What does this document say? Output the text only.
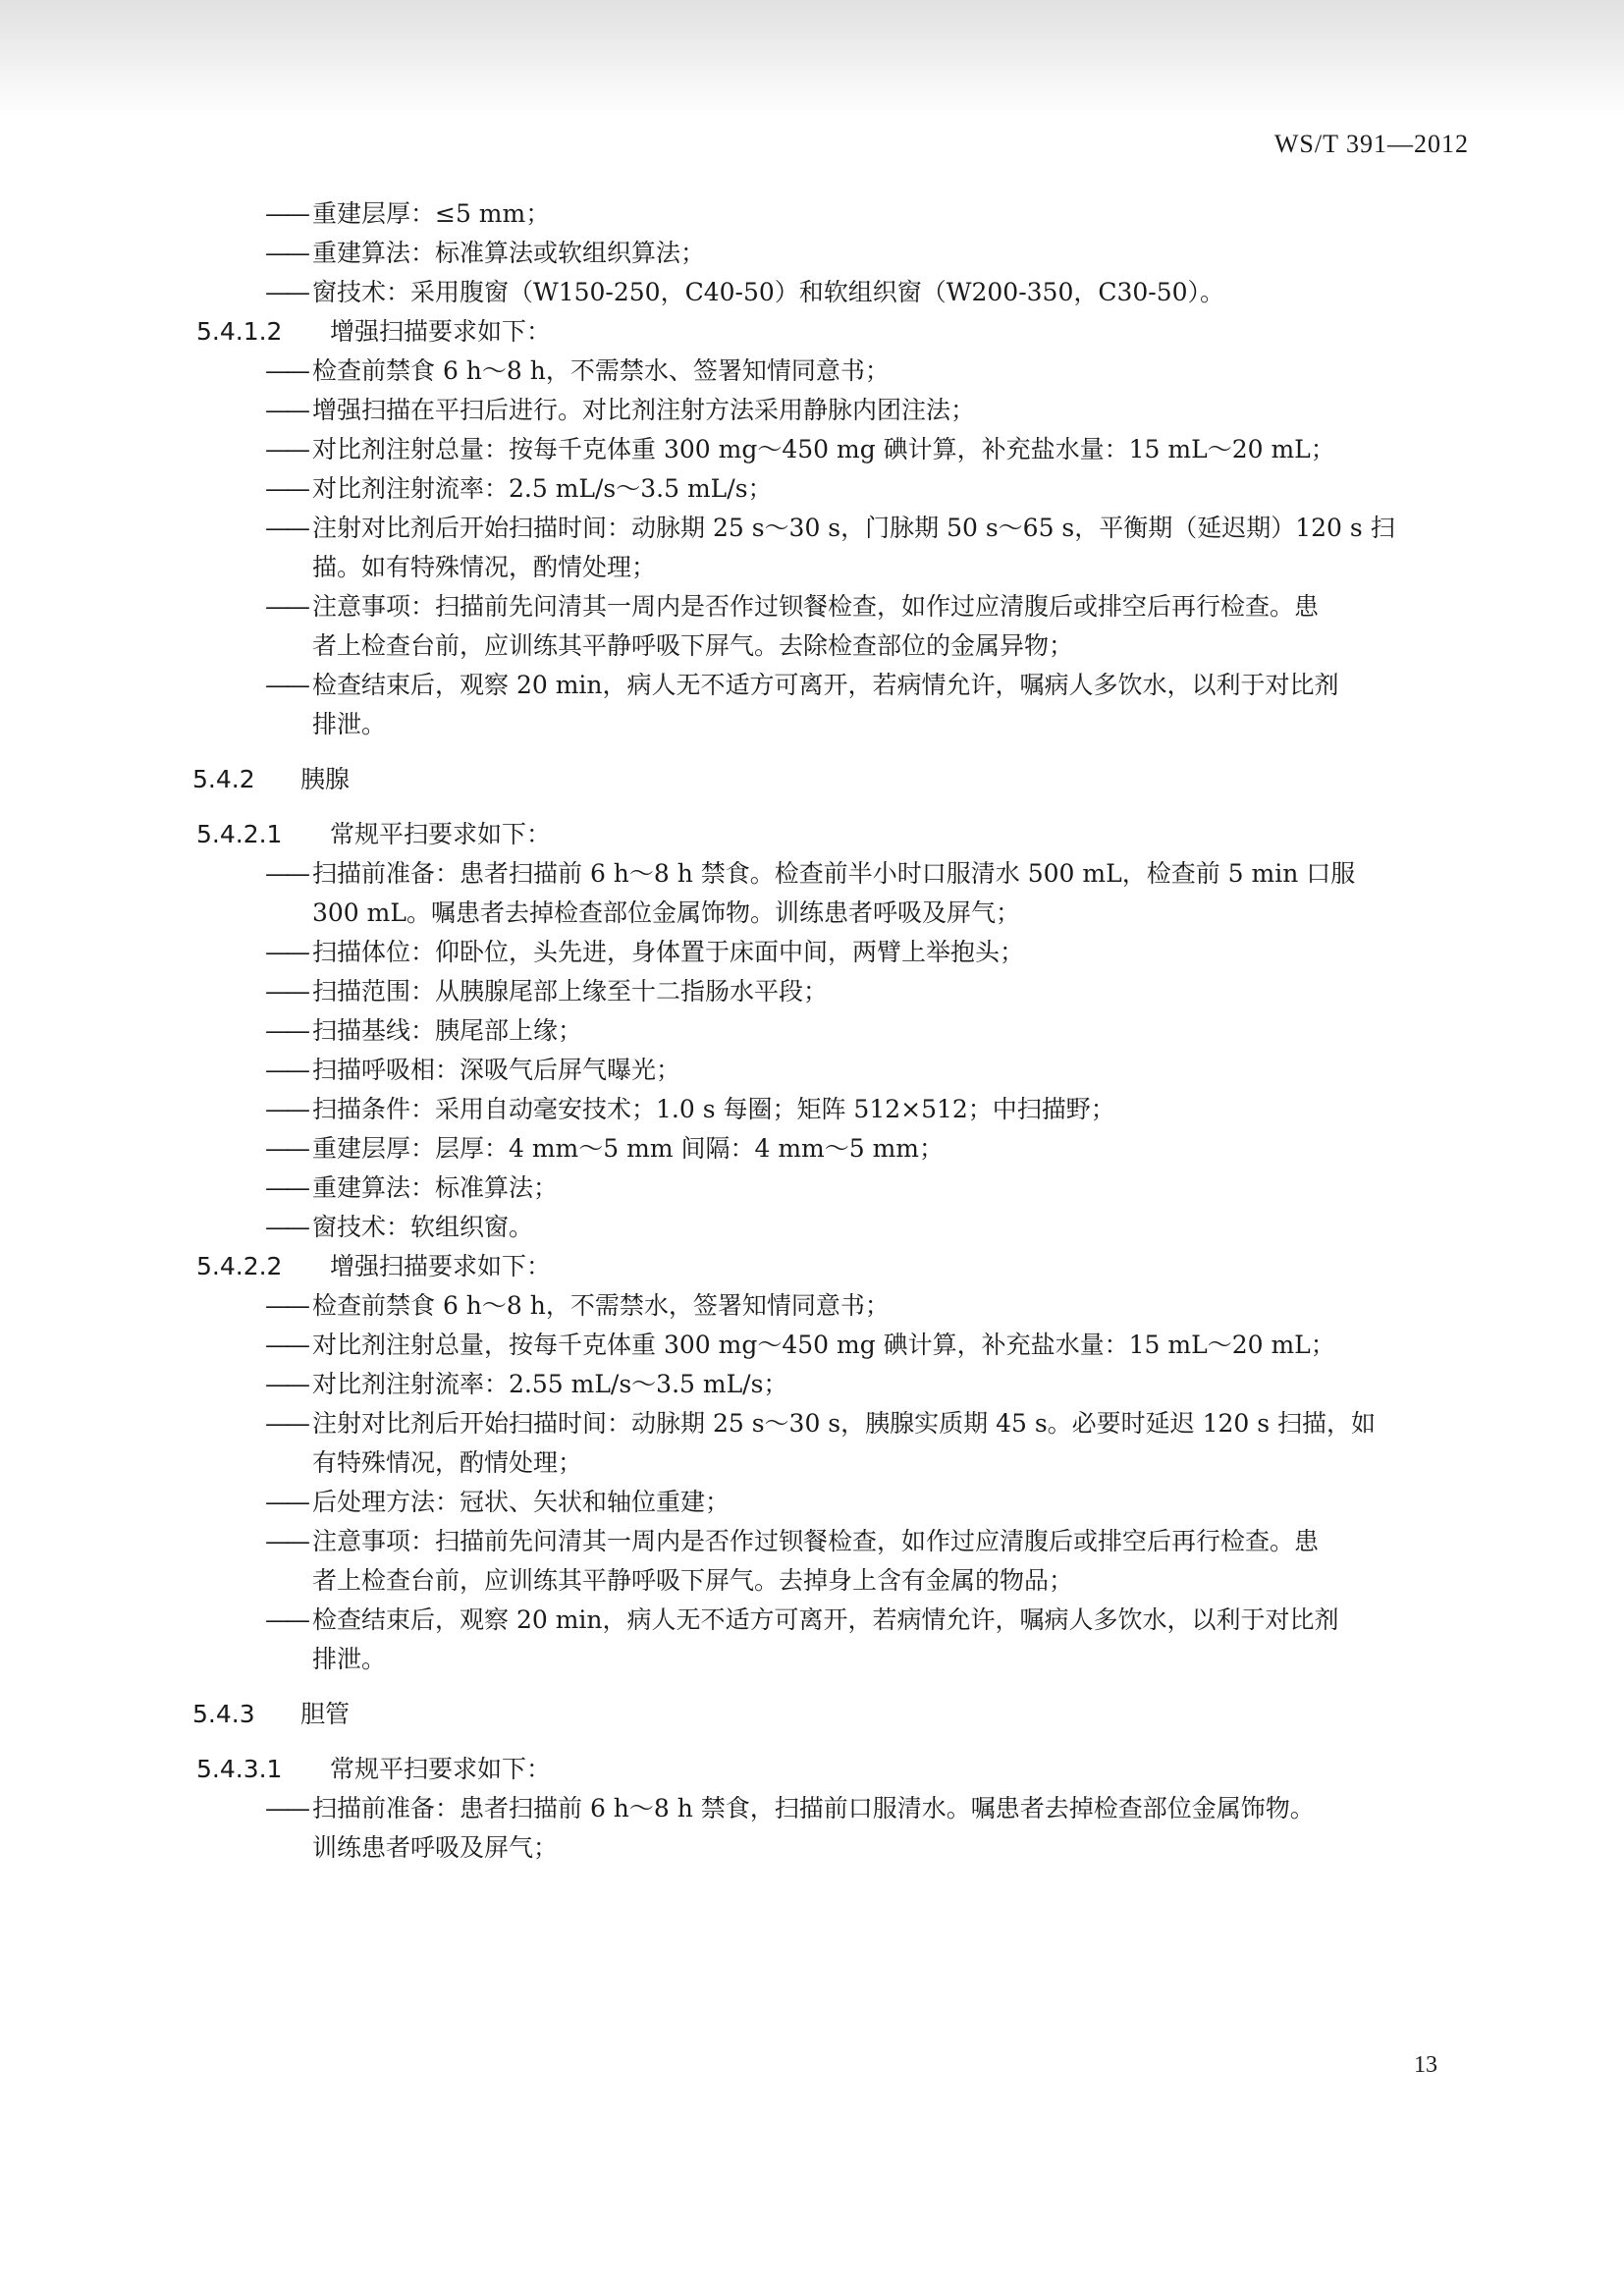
WS/T 391—2012
—— 重建层厚：≤5 mm；
—— 重建算法：标准算法或软组织算法；
—— 窗技术：采用腹窗（W150-250，C40-50）和软组织窗（W200-350，C30-50）。
5.4.1.2 增强扫描要求如下：
—— 检查前禁食 6 h～8 h，不需禁水、签署知情同意书；
—— 增强扫描在平扫后进行。对比剂注射方法采用静脉内团注法；
—— 对比剂注射总量：按每千克体重 300 mg～450 mg 碘计算，补充盐水量：15 mL～20 mL；
—— 对比剂注射流率：2.5 mL/s～3.5 mL/s；
—— 注射对比剂后开始扫描时间：动脉期 25 s～30 s，门脉期 50 s～65 s，平衡期（延迟期）120 s 扫
描。如有特殊情况，酌情处理；
—— 注意事项：扫描前先问清其一周内是否作过钡餐检查，如作过应清腹后或排空后再行检查。患
者上检查台前，应训练其平静呼吸下屏气。去除检查部位的金属异物；
—— 检查结束后，观察 20 min，病人无不适方可离开，若病情允许，嘱病人多饮水，以利于对比剂
排泄。
5.4.2 胰腺
5.4.2.1 常规平扫要求如下：
—— 扫描前准备：患者扫描前 6 h～8 h 禁食。检查前半小时口服清水 500 mL，检查前 5 min 口服
300 mL。嘱患者去掉检查部位金属饰物。训练患者呼吸及屏气；
—— 扫描体位：仰卧位，头先进，身体置于床面中间，两臂上举抱头；
—— 扫描范围：从胰腺尾部上缘至十二指肠水平段；
—— 扫描基线：胰尾部上缘；
—— 扫描呼吸相：深吸气后屏气曝光；
—— 扫描条件：采用自动毫安技术；1.0 s 每圈；矩阵 512×512；中扫描野；
—— 重建层厚：层厚：4 mm～5 mm 间隔：4 mm～5 mm；
—— 重建算法：标准算法；
—— 窗技术：软组织窗。
5.4.2.2 增强扫描要求如下：
—— 检查前禁食 6 h～8 h，不需禁水，签署知情同意书；
—— 对比剂注射总量，按每千克体重 300 mg～450 mg 碘计算，补充盐水量：15 mL～20 mL；
—— 对比剂注射流率：2.55 mL/s～3.5 mL/s；
—— 注射对比剂后开始扫描时间：动脉期 25 s～30 s，胰腺实质期 45 s。必要时延迟 120 s 扫描，如
有特殊情况，酌情处理；
—— 后处理方法：冠状、矢状和轴位重建；
—— 注意事项：扫描前先问清其一周内是否作过钡餐检查，如作过应清腹后或排空后再行检查。患
者上检查台前，应训练其平静呼吸下屏气。去掉身上含有金属的物品；
—— 检查结束后，观察 20 min，病人无不适方可离开，若病情允许，嘱病人多饮水，以利于对比剂
排泄。
5.4.3 胆管
5.4.3.1 常规平扫要求如下：
—— 扫描前准备：患者扫描前 6 h～8 h 禁食，扫描前口服清水。嘱患者去掉检查部位金属饰物。
训练患者呼吸及屏气；
13
